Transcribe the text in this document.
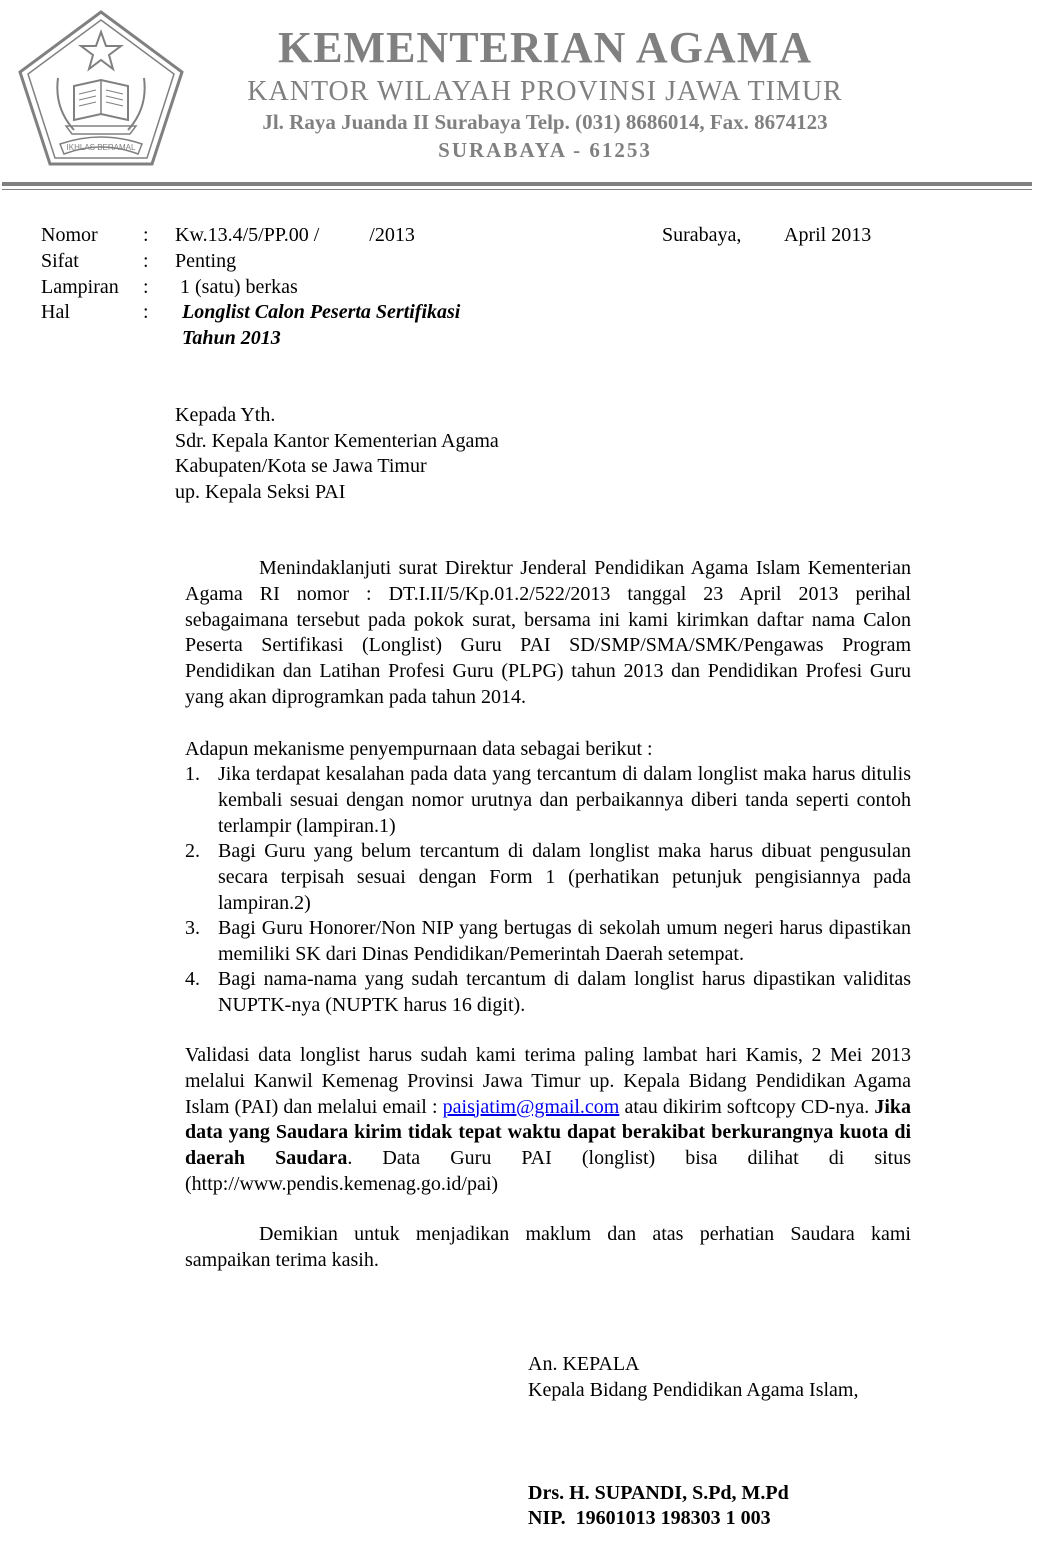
IKHLAS BERAMAL
KEMENTERIAN AGAMA
KANTOR WILAYAH PROVINSI JAWA TIMUR
Jl. Raya Juanda II Surabaya Telp. (031) 8686014, Fax. 8674123
SURABAYA - 61253
Nomor : Kw.13.4/5/PP.00 /          /2013
Sifat	: Penting
Lampiran : 1 (satu) berkas
Hal	: Longlist Calon Peserta Sertifikasi
Tahun 2013
Surabaya, April 2013
Kepada Yth.
Sdr. Kepala Kantor Kementerian Agama
Kabupaten/Kota se Jawa Timur
up. Kepala Seksi PAI
Menindaklanjuti surat Direktur Jenderal Pendidikan Agama Islam Kementerian Agama RI nomor : DT.I.II/5/Kp.01.2/522/2013 tanggal 23 April 2013 perihal sebagaimana tersebut pada pokok surat, bersama ini kami kirimkan daftar nama Calon Peserta Sertifikasi (Longlist) Guru PAI SD/SMP/SMA/SMK/Pengawas Program Pendidikan dan Latihan Profesi Guru (PLPG) tahun 2013 dan Pendidikan Profesi Guru yang akan diprogramkan pada tahun 2014.
Adapun mekanisme penyempurnaan data sebagai berikut :
1. Jika terdapat kesalahan pada data yang tercantum di dalam longlist maka harus ditulis kembali sesuai dengan nomor urutnya dan perbaikannya diberi tanda seperti contoh terlampir (lampiran.1)
2. Bagi Guru yang belum tercantum di dalam longlist maka harus dibuat pengusulan secara terpisah sesuai dengan Form 1 (perhatikan petunjuk pengisiannya pada lampiran.2)
3. Bagi Guru Honorer/Non NIP yang bertugas di sekolah umum negeri harus dipastikan memiliki SK dari Dinas Pendidikan/Pemerintah Daerah setempat.
4. Bagi nama-nama yang sudah tercantum di dalam longlist harus dipastikan validitas NUPTK-nya (NUPTK harus 16 digit).
Validasi data longlist harus sudah kami terima paling lambat hari Kamis, 2 Mei 2013 melalui Kanwil Kemenag Provinsi Jawa Timur up. Kepala Bidang Pendidikan Agama Islam (PAI) dan melalui email : paisjatim@gmail.com atau dikirim softcopy CD-nya. Jika data yang Saudara kirim tidak tepat waktu dapat berakibat berkurangnya kuota di daerah Saudara. Data Guru PAI (longlist) bisa dilihat di situs (http://www.pendis.kemenag.go.id/pai)
Demikian untuk menjadikan maklum dan atas perhatian Saudara kami sampaikan terima kasih.
An. KEPALA
Kepala Bidang Pendidikan Agama Islam,
Drs. H. SUPANDI, S.Pd, M.Pd
NIP.  19601013 198303 1 003
